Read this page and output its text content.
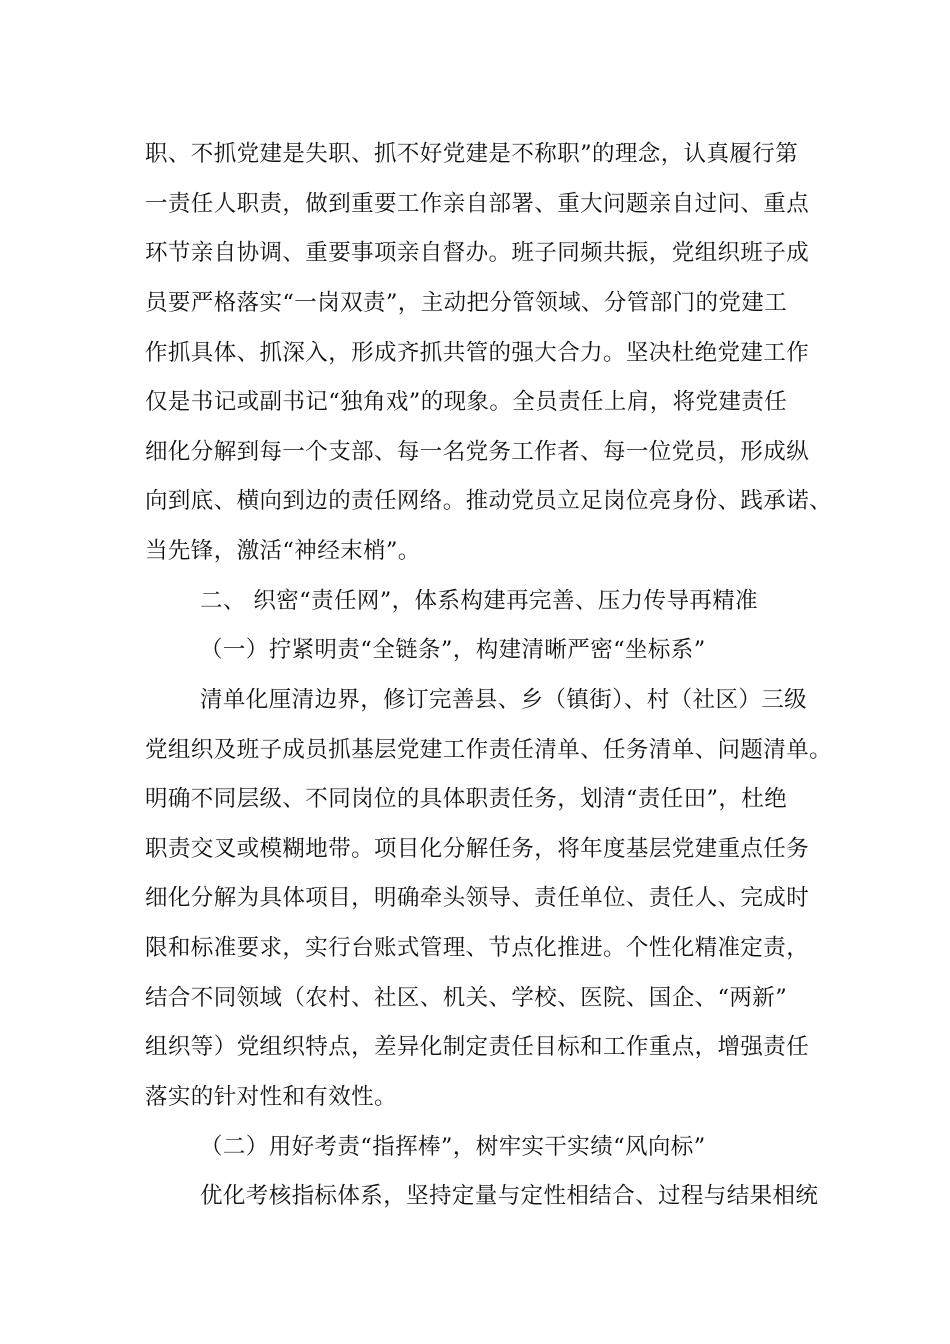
职、不抓党建是失职、抓不好党建是不称职”的理念，认真履行第
一责任人职责，做到重要工作亲自部署、重大问题亲自过问、重点
环节亲自协调、重要事项亲自督办。班子同频共振，党组织班子成
员要严格落实“一岗双责”，主动把分管领域、分管部门的党建工
作抓具体、抓深入，形成齐抓共管的强大合力。坚决杜绝党建工作
仅是书记或副书记“独角戏”的现象。全员责任上肩，将党建责任
细化分解到每一个支部、每一名党务工作者、每一位党员，形成纵
向到底、横向到边的责任网络。推动党员立足岗位亮身份、践承诺、
当先锋，激活“神经末梢”。
二、 织密“责任网”，体系构建再完善、压力传导再精准
（一）拧紧明责“全链条”，构建清晰严密“坐标系”
清单化厘清边界，修订完善县、乡（镇街）、村（社区）三级
党组织及班子成员抓基层党建工作责任清单、任务清单、问题清单。
明确不同层级、不同岗位的具体职责任务，划清“责任田”，杜绝
职责交叉或模糊地带。项目化分解任务，将年度基层党建重点任务
细化分解为具体项目，明确牵头领导、责任单位、责任人、完成时
限和标准要求，实行台账式管理、节点化推进。个性化精准定责，
结合不同领域（农村、社区、机关、学校、医院、国企、“两新”
组织等）党组织特点，差异化制定责任目标和工作重点，增强责任
落实的针对性和有效性。
（二）用好考责“指挥棒”，树牢实干实绩“风向标”
优化考核指标体系，坚持定量与定性相结合、过程与结果相统
